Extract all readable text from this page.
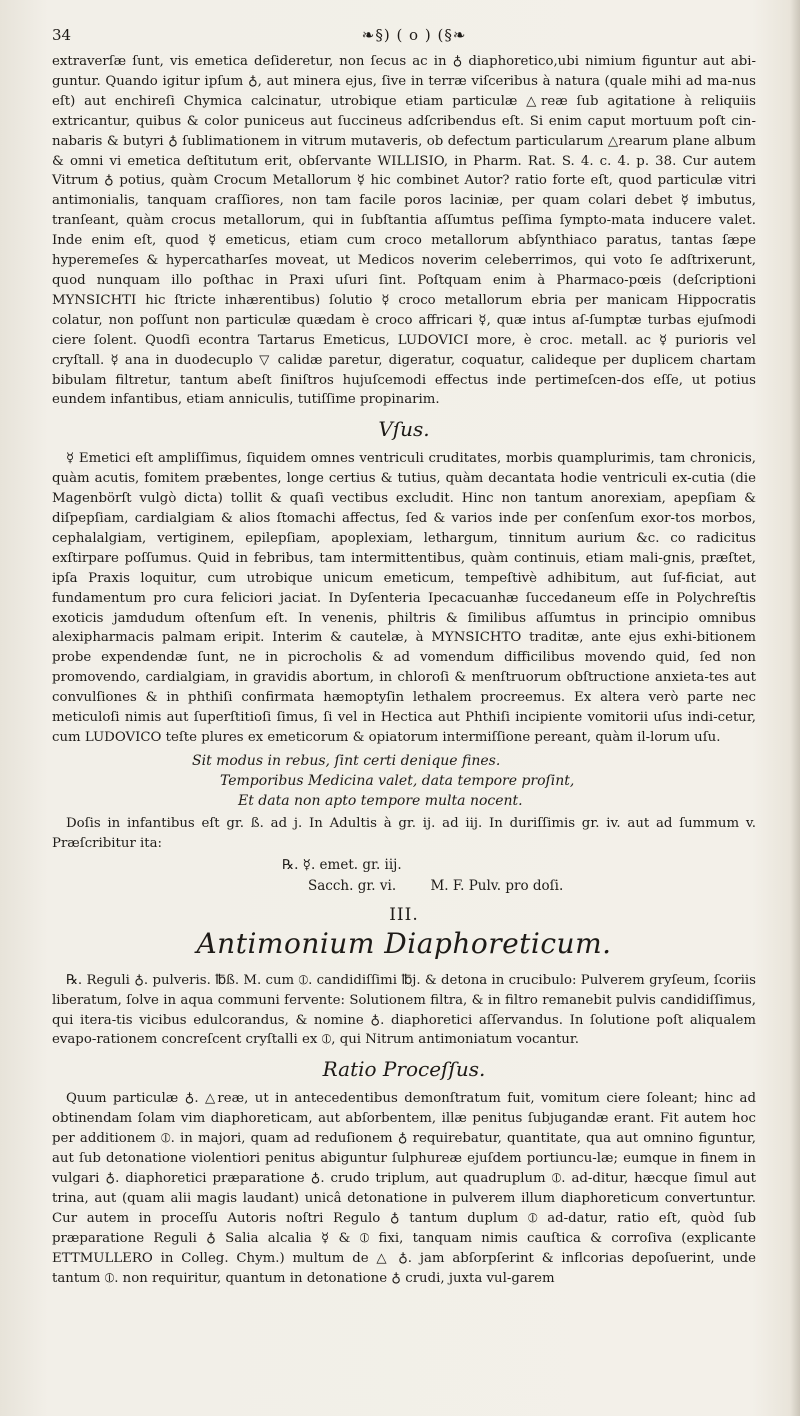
34	❧§) ( o ) (§❧

extraverſæ ſunt, vis emetica deſideretur, non ſecus ac in ♁ diaphoretico,ubi nimium figuntur aut abi-guntur. Quando igitur ipſum ♁, aut minera ejus, ſive in terræ viſceribus à natura (quale mihi ad ma-nus eſt) aut enchireſi Chymica calcinatur, utrobique etiam particulæ △reæ ſub agitatione à reliquiis extricantur, quibus & color puniceus aut ſuccineus adſcribendus eſt. Si enim caput mortuum poſt cin-nabaris & butyri ♁ ſublimationem in vitrum mutaveris, ob defectum particularum △rearum plane album & omni vi emetica deſtitutum erit, obſervante WILLISIO, in Pharm. Rat. S. 4. c. 4. p. 38. Cur autem Vitrum ♁ potius, quàm Crocum Metallorum ☿ hic combinet Autor? ratio forte eſt, quod particulæ vitri antimonialis, tanquam craſſiores, non tam facile poros laciniæ, per quam colari debet ☿ imbutus, tranſeant, quàm crocus metallorum, qui in ſubſtantia aſſumtus peſſima ſympto-mata inducere valet. Inde enim eſt, quod ☿ emeticus, etiam cum croco metallorum abſynthiaco paratus, tantas ſæpe hyperemeſes & hypercatharſes moveat, ut Medicos noverim celeberrimos, qui voto ſe adſtrixerunt, quod nunquam illo poſthac in Praxi uſuri ſint. Poſtquam enim à Pharmaco-pœis (deſcriptioni MYNSICHTI hic ſtricte inhærentibus) ſolutio ☿ croco metallorum ebria per manicam Hippocratis colatur, non poſſunt non particulæ quædam è croco affricari ☿, quæ intus aſ-ſumptæ turbas ejuſmodi ciere ſolent. Quodſi econtra Tartarus Emeticus, LUDOVICI more, è croc. metall. ac ☿ purioris vel cryſtall. ☿ ana in duodecuplo ▽ calidæ paretur, digeratur, coquatur, calideque per duplicem chartam bibulam filtretur, tantum abeſt ſiniſtros hujuſcemodi effectus inde pertimeſcen-dos eſſe, ut potius eundem infantibus, etiam anniculis, tutiſſime propinarim.

Vſus.

☿ Emetici eſt ampliſſimus, ſiquidem omnes ventriculi cruditates, morbis quamplurimis, tam chronicis, quàm acutis, fomitem præbentes, longe certius & tutius, quàm decantata hodie ventriculi ex-cutia (die Magenbörſt vulgò dicta) tollit & quaſi vectibus excludit. Hinc non tantum anorexiam, apepſiam & diſpepſiam, cardialgiam & alios ſtomachi affectus, ſed & varios inde per conſenſum exor-tos morbos, cephalalgiam, vertiginem, epilepſiam, apoplexiam, lethargum, tinnitum aurium &c. co radicitus exſtirpare poſſumus. Quid in febribus, tam intermittentibus, quàm continuis, etiam mali-gnis, præſtet, ipſa Praxis loquitur, cum utrobique unicum emeticum, tempeſtivè adhibitum, aut ſuf-ficiat, aut fundamentum pro cura feliciori jaciat. In Dyſenteria Ipecacuanhæ ſuccedaneum eſſe in Polychreſtis exoticis jamdudum oſtenſum eſt. In venenis, philtris & ſimilibus aſſumtus in principio omnibus alexipharmacis palmam eripit. Interim & cautelæ, à MYNSICHTO traditæ, ante ejus exhi-bitionem probe expendendæ ſunt, ne in picrocholis & ad vomendum difficilibus movendo quid, ſed non promovendo, cardialgiam, in gravidis abortum, in chloroſi & menſtruorum obſtructione anxieta-tes aut convulſiones & in phthiſi confirmata hæmoptyſin lethalem procreemus. Ex altera verò parte nec meticuloſi nimis aut ſuperſtitioſi ſimus, ſi vel in Hectica aut Phthiſi incipiente vomitorii uſus indi-cetur, cum LUDOVICO teſte plures ex emeticorum & opiatorum intermiſſione pereant, quàm il-lorum uſu.

Sit modus in rebus, ſint certi denique fines.
Temporibus Medicina valet, data tempore proſint,
Et data non apto tempore multa nocent.

Doſis in infantibus eſt gr. ß. ad j. In Adultis à gr. ij. ad iij. In duriſſimis gr. iv. aut ad ſummum v. Præſcribitur ita:

℞. ☿. emet. gr. iij.
Sacch. gr. vi.	M. F. Pulv. pro doſi.
III.
Antimonium Diaphoreticum.

℞. Reguli ♁. pulveris. ℔ß. M. cum ⦶. candidiſſimi ℔j. & detona in crucibulo: Pulverem gryſeum, ſcoriis liberatum, ſolve in aqua communi fervente: Solutionem filtra, & in filtro remanebit pulvis candidiſſimus, qui itera-tis vicibus edulcorandus, & nomine ♁. diaphoretici aſſervandus. In ſolutione poſt aliqualem evapo-rationem concreſcent cryſtalli ex ⦶, qui Nitrum antimoniatum vocantur.

Ratio Proceſſus.

Quum particulæ ♁. △reæ, ut in antecedentibus demonſtratum fuit, vomitum ciere ſoleant; hinc ad obtinendam ſolam vim diaphoreticam, aut abſorbentem, illæ penitus ſubjugandæ erant. Fit autem hoc per additionem ⦶. in majori, quam ad reduſionem ♁ requirebatur, quantitate, qua aut omnino figuntur, aut ſub detonatione violentiori penitus abiguntur ſulphureæ ejuſdem portiuncu-læ; eumque in finem in vulgari ♁. diaphoretici præparatione ♁. crudo triplum, aut quadruplum ⦶. ad-ditur, hæcque ſimul aut trina, aut (quam alii magis laudant) unicâ detonatione in pulverem illum diaphoreticum convertuntur. Cur autem in proceſſu Autoris noſtri Regulo ♁ tantum duplum ⦶ ad-datur, ratio eſt, quòd ſub præparatione Reguli ♁ Salia alcalia ☿ & ⦶ fixi, tanquam nimis cauſtica & corroſiva (explicante ETTMULLERO in Colleg. Chym.) multum de △ ♁. jam abſorpſerint & inflcorias depoſuerint, unde tantum ⦶. non requiritur, quantum in detonatione ♁ crudi, juxta vul-garem
